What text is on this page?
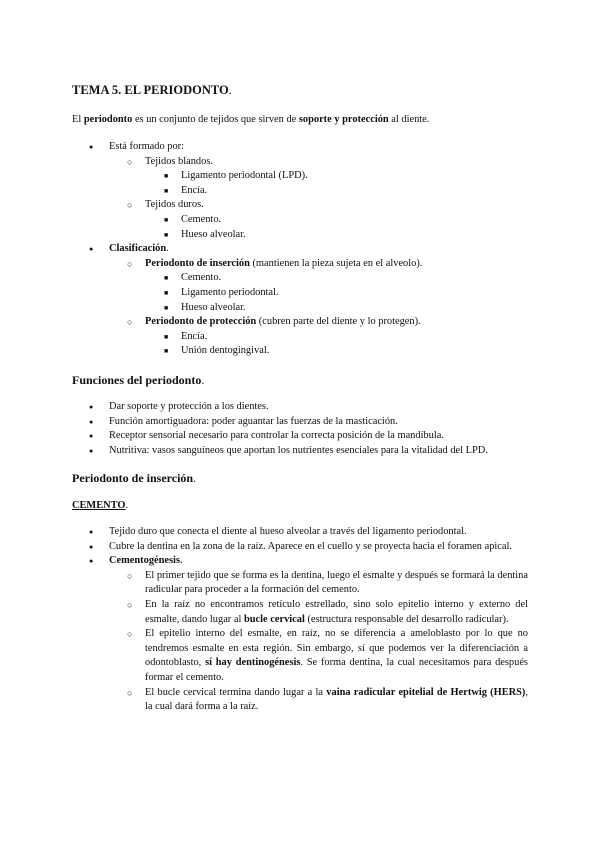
TEMA 5. EL PERIODONTO.

El periodonto es un conjunto de tejidos que sirven de soporte y protección al diente.

● Está formado por:
○ Tejidos blandos.
■ Ligamento periodontal (LPD).
■ Encía.
○ Tejidos duros.
■ Cemento.
■ Hueso alveolar.
● Clasificación.
○ Periodonto de inserción (mantienen la pieza sujeta en el alveolo).
■ Cemento.
■ Ligamento periodontal.
■ Hueso alveolar.
○ Periodonto de protección (cubren parte del diente y lo protegen).
■ Encía.
■ Unión dentogingival.
Funciones del periodonto.
● Dar soporte y protección a los dientes.
● Función amortiguadora: poder aguantar las fuerzas de la masticación.
● Receptor sensorial necesario para controlar la correcta posición de la mandíbula.
● Nutritiva: vasos sanguíneos que aportan los nutrientes esenciales para la vitalidad del LPD.
Periodonto de inserción.

CEMENTO.

● Tejido duro que conecta el diente al hueso alveolar a través del ligamento periodontal.
● Cubre la dentina en la zona de la raíz. Aparece en el cuello y se proyecta hacia el foramen apical.
● Cementogénesis.
○ El primer tejido que se forma es la dentina, luego el esmalte y después se formará la dentina radicular para proceder a la formación del cemento.
○ En la raíz no encontramos retículo estrellado, sino solo epitelio interno y externo del esmalte, dando lugar al bucle cervical (estructura responsable del desarrollo radicular).
○ El epitelio interno del esmalte, en raíz, no se diferencia a ameloblasto por lo que no tendremos esmalte en esta región. Sin embargo, sí que podemos ver la diferenciación a odontoblasto, sí hay dentinogénesis. Se forma dentina, la cual necesitamos para después formar el cemento.
○ El bucle cervical termina dando lugar a la vaina radicular epitelial de Hertwig (HERS), la cual dará forma a la raíz.
